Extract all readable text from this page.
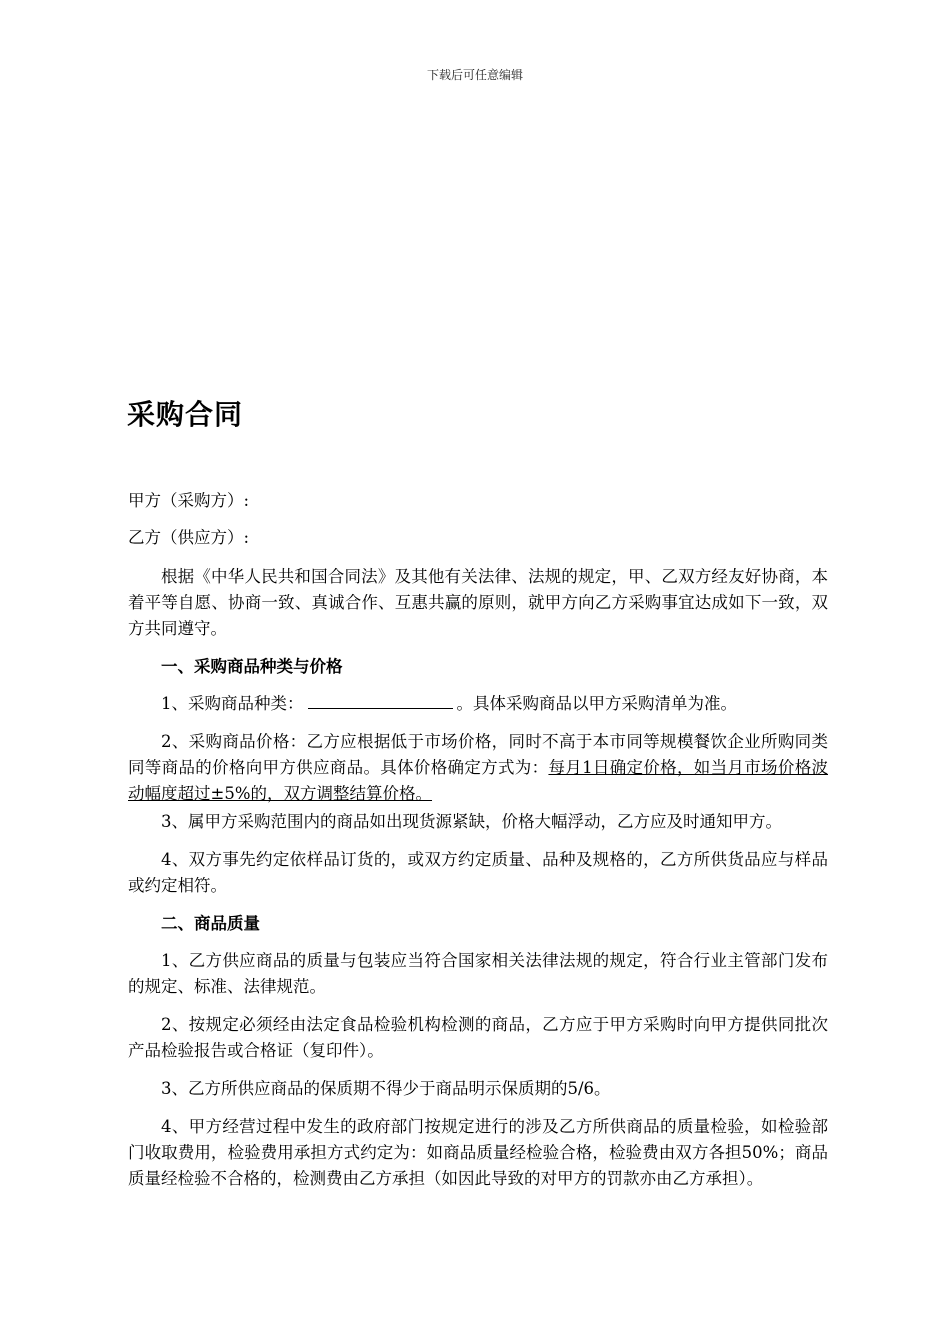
下载后可任意编辑
采购合同

甲方（采购方）:

乙方（供应方）:

根据《中华人民共和国合同法》及其他有关法律、法规的规定，甲、乙双方经友好协商，本着平等自愿、协商一致、真诚合作、互惠共赢的原则，就甲方向乙方采购事宜达成如下一致，双方共同遵守。

一、采购商品种类与价格

1、采购商品种类：	。具体采购商品以甲方采购清单为准。

2、采购商品价格：乙方应根据低于市场价格，同时不高于本市同等规模餐饮企业所购同类同等商品的价格向甲方供应商品。具体价格确定方式为：每月1日确定价格，如当月市场价格波动幅度超过±5%的，双方调整结算价格。

3、属甲方采购范围内的商品如出现货源紧缺，价格大幅浮动，乙方应及时通知甲方。

4、双方事先约定依样品订货的，或双方约定质量、品种及规格的，乙方所供货品应与样品或约定相符。

二、商品质量

1、乙方供应商品的质量与包装应当符合国家相关法律法规的规定，符合行业主管部门发布的规定、标准、法律规范。

2、按规定必须经由法定食品检验机构检测的商品，乙方应于甲方采购时向甲方提供同批次产品检验报告或合格证（复印件）。

3、乙方所供应商品的保质期不得少于商品明示保质期的5/6。

4、甲方经营过程中发生的政府部门按规定进行的涉及乙方所供商品的质量检验，如检验部门收取费用，检验费用承担方式约定为：如商品质量经检验合格，检验费由双方各担50%；商品质量经检验不合格的，检测费由乙方承担（如因此导致的对甲方的罚款亦由乙方承担）。
